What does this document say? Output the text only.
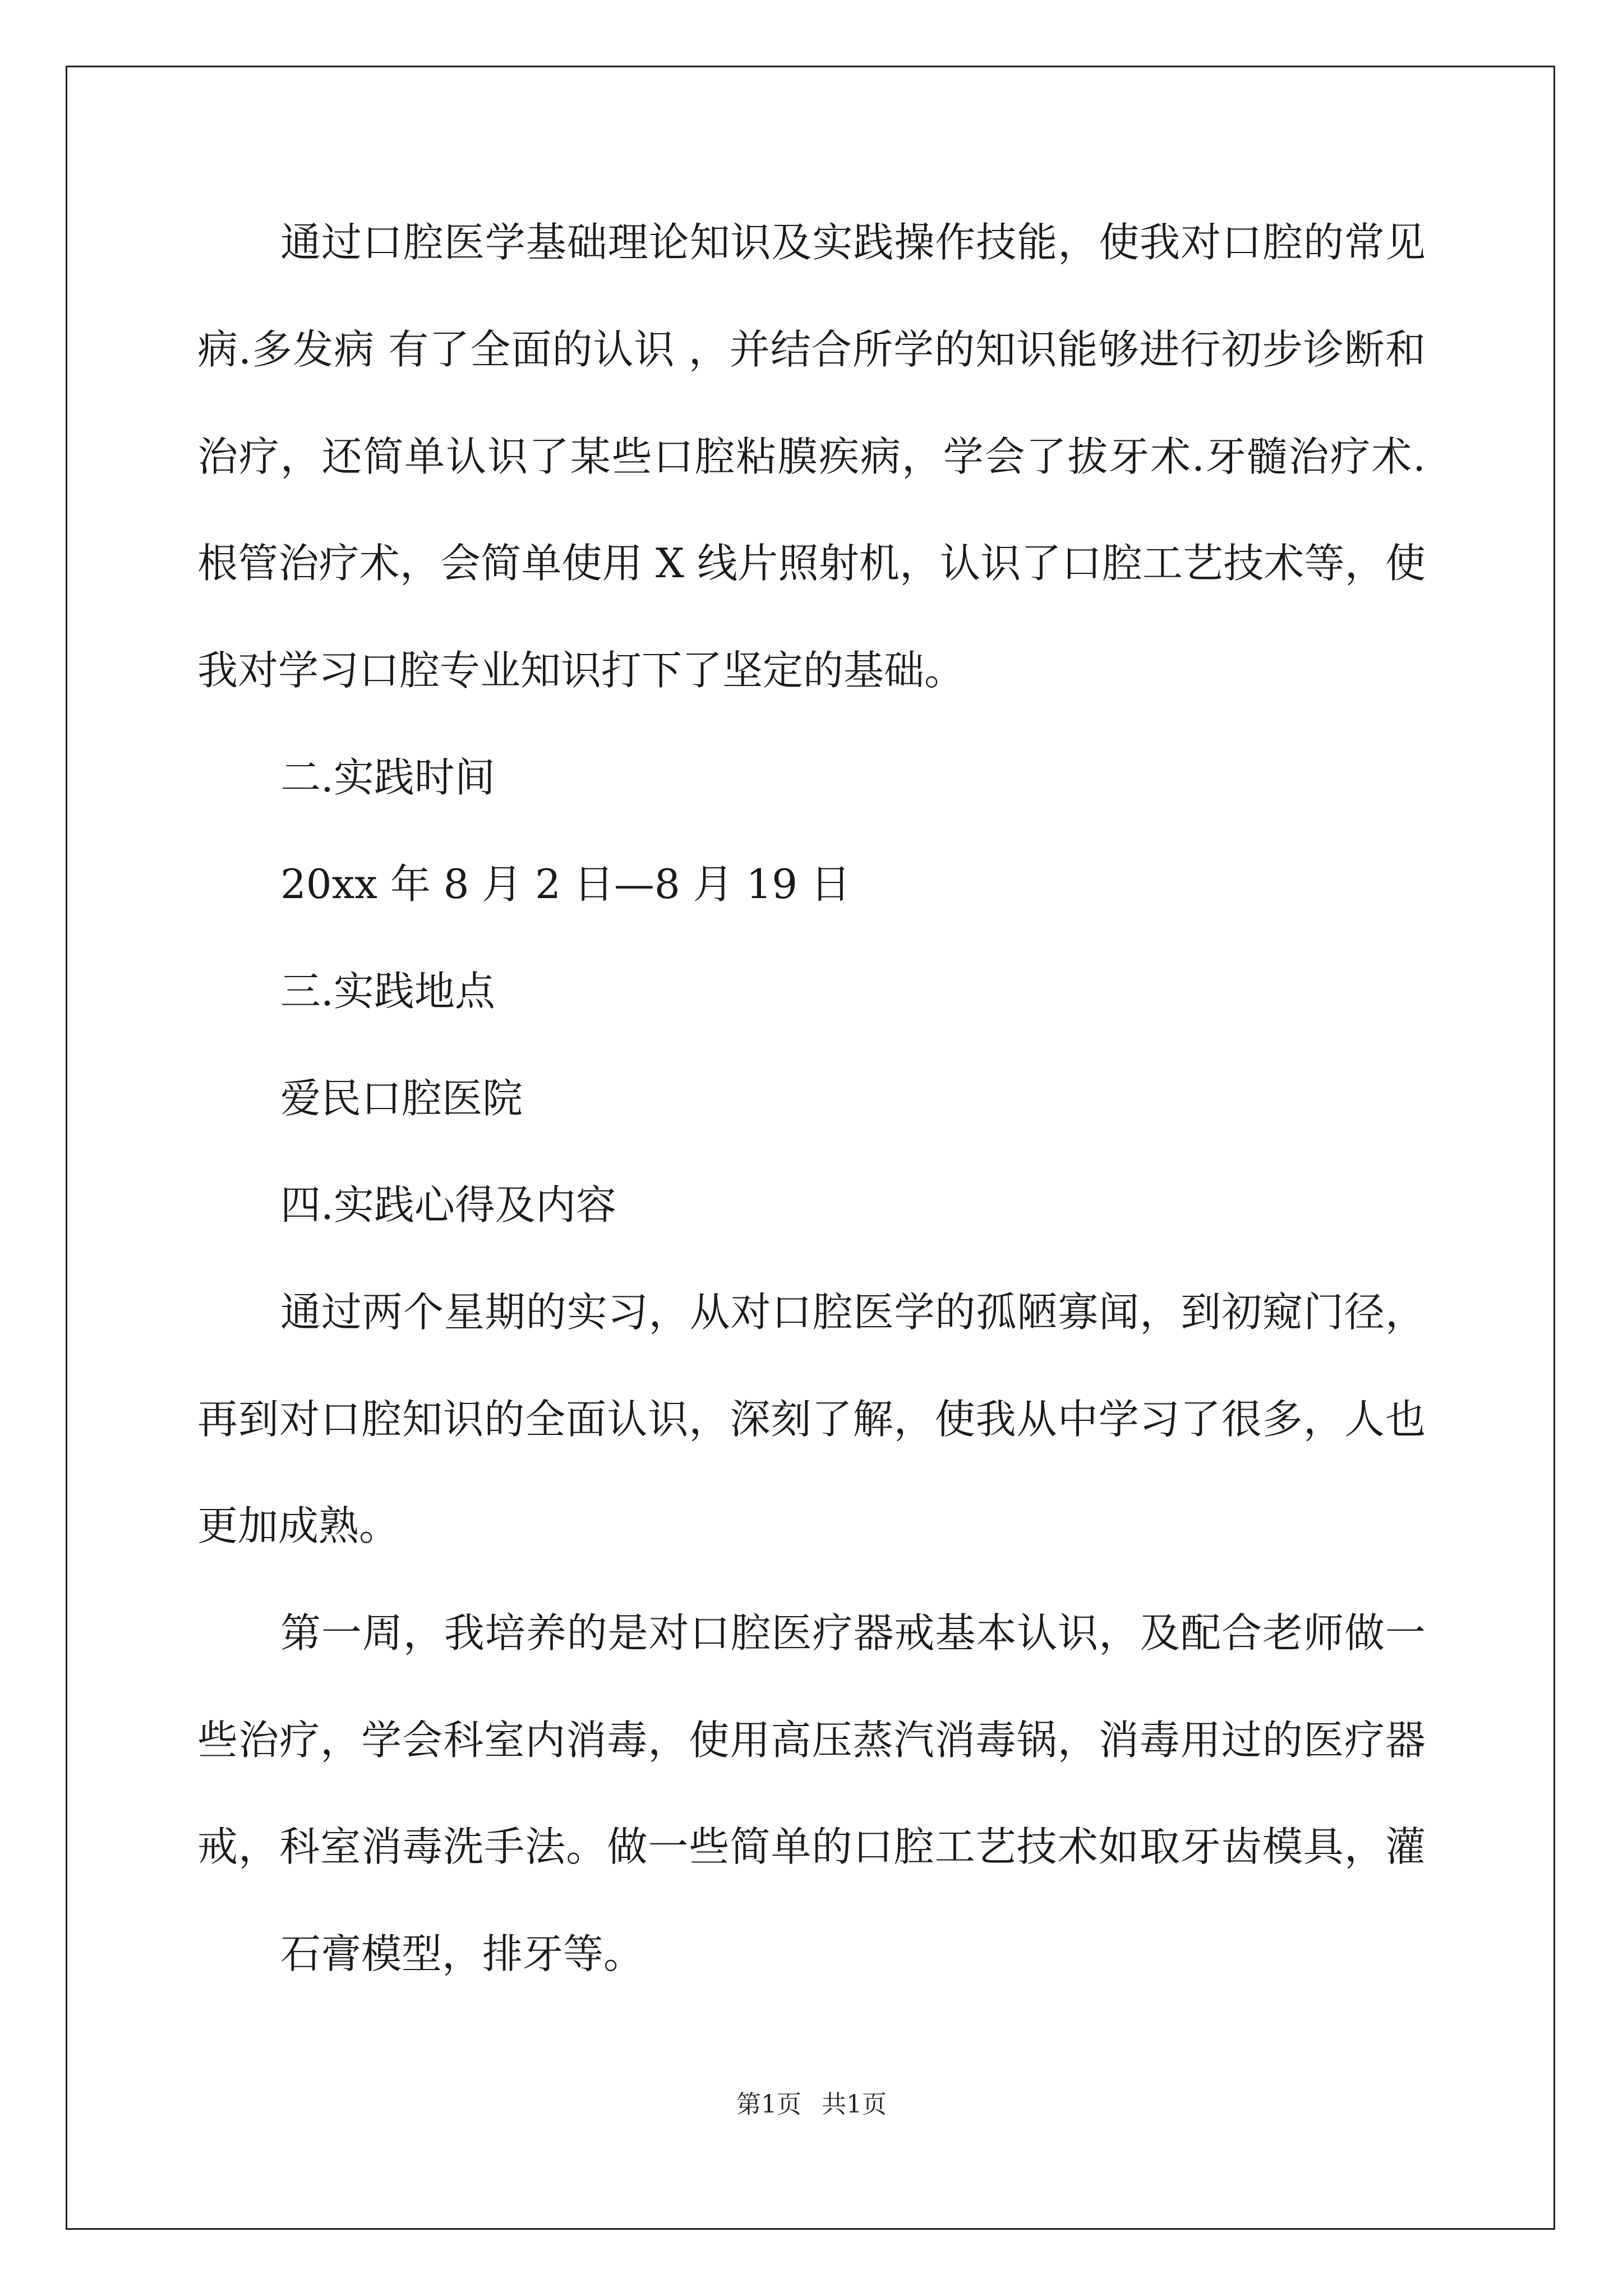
通过口腔医学基础理论知识及实践操作技能，使我对口腔的常见
病.多发病 有了全面的认识 ，并结合所学的知识能够进行初步诊断和
治疗，还简单认识了某些口腔粘膜疾病，学会了拔牙术.牙髓治疗术.
根管治疗术，会简单使用 X 线片照射机，认识了口腔工艺技术等，使
我对学习口腔专业知识打下了坚定的基础。
二.实践时间
20xx 年 8 月 2 日—8 月 19 日
三.实践地点
爱民口腔医院
四.实践心得及内容
通过两个星期的实习，从对口腔医学的孤陋寡闻，到初窥门径，
再到对口腔知识的全面认识，深刻了解，使我从中学习了很多，人也
更加成熟。
第一周，我培养的是对口腔医疗器戒基本认识，及配合老师做一
些治疗，学会科室内消毒，使用高压蒸汽消毒锅，消毒用过的医疗器
戒，科室消毒洗手法。做一些简单的口腔工艺技术如取牙齿模具，灌
石膏模型，排牙等。
第1页 共1页
